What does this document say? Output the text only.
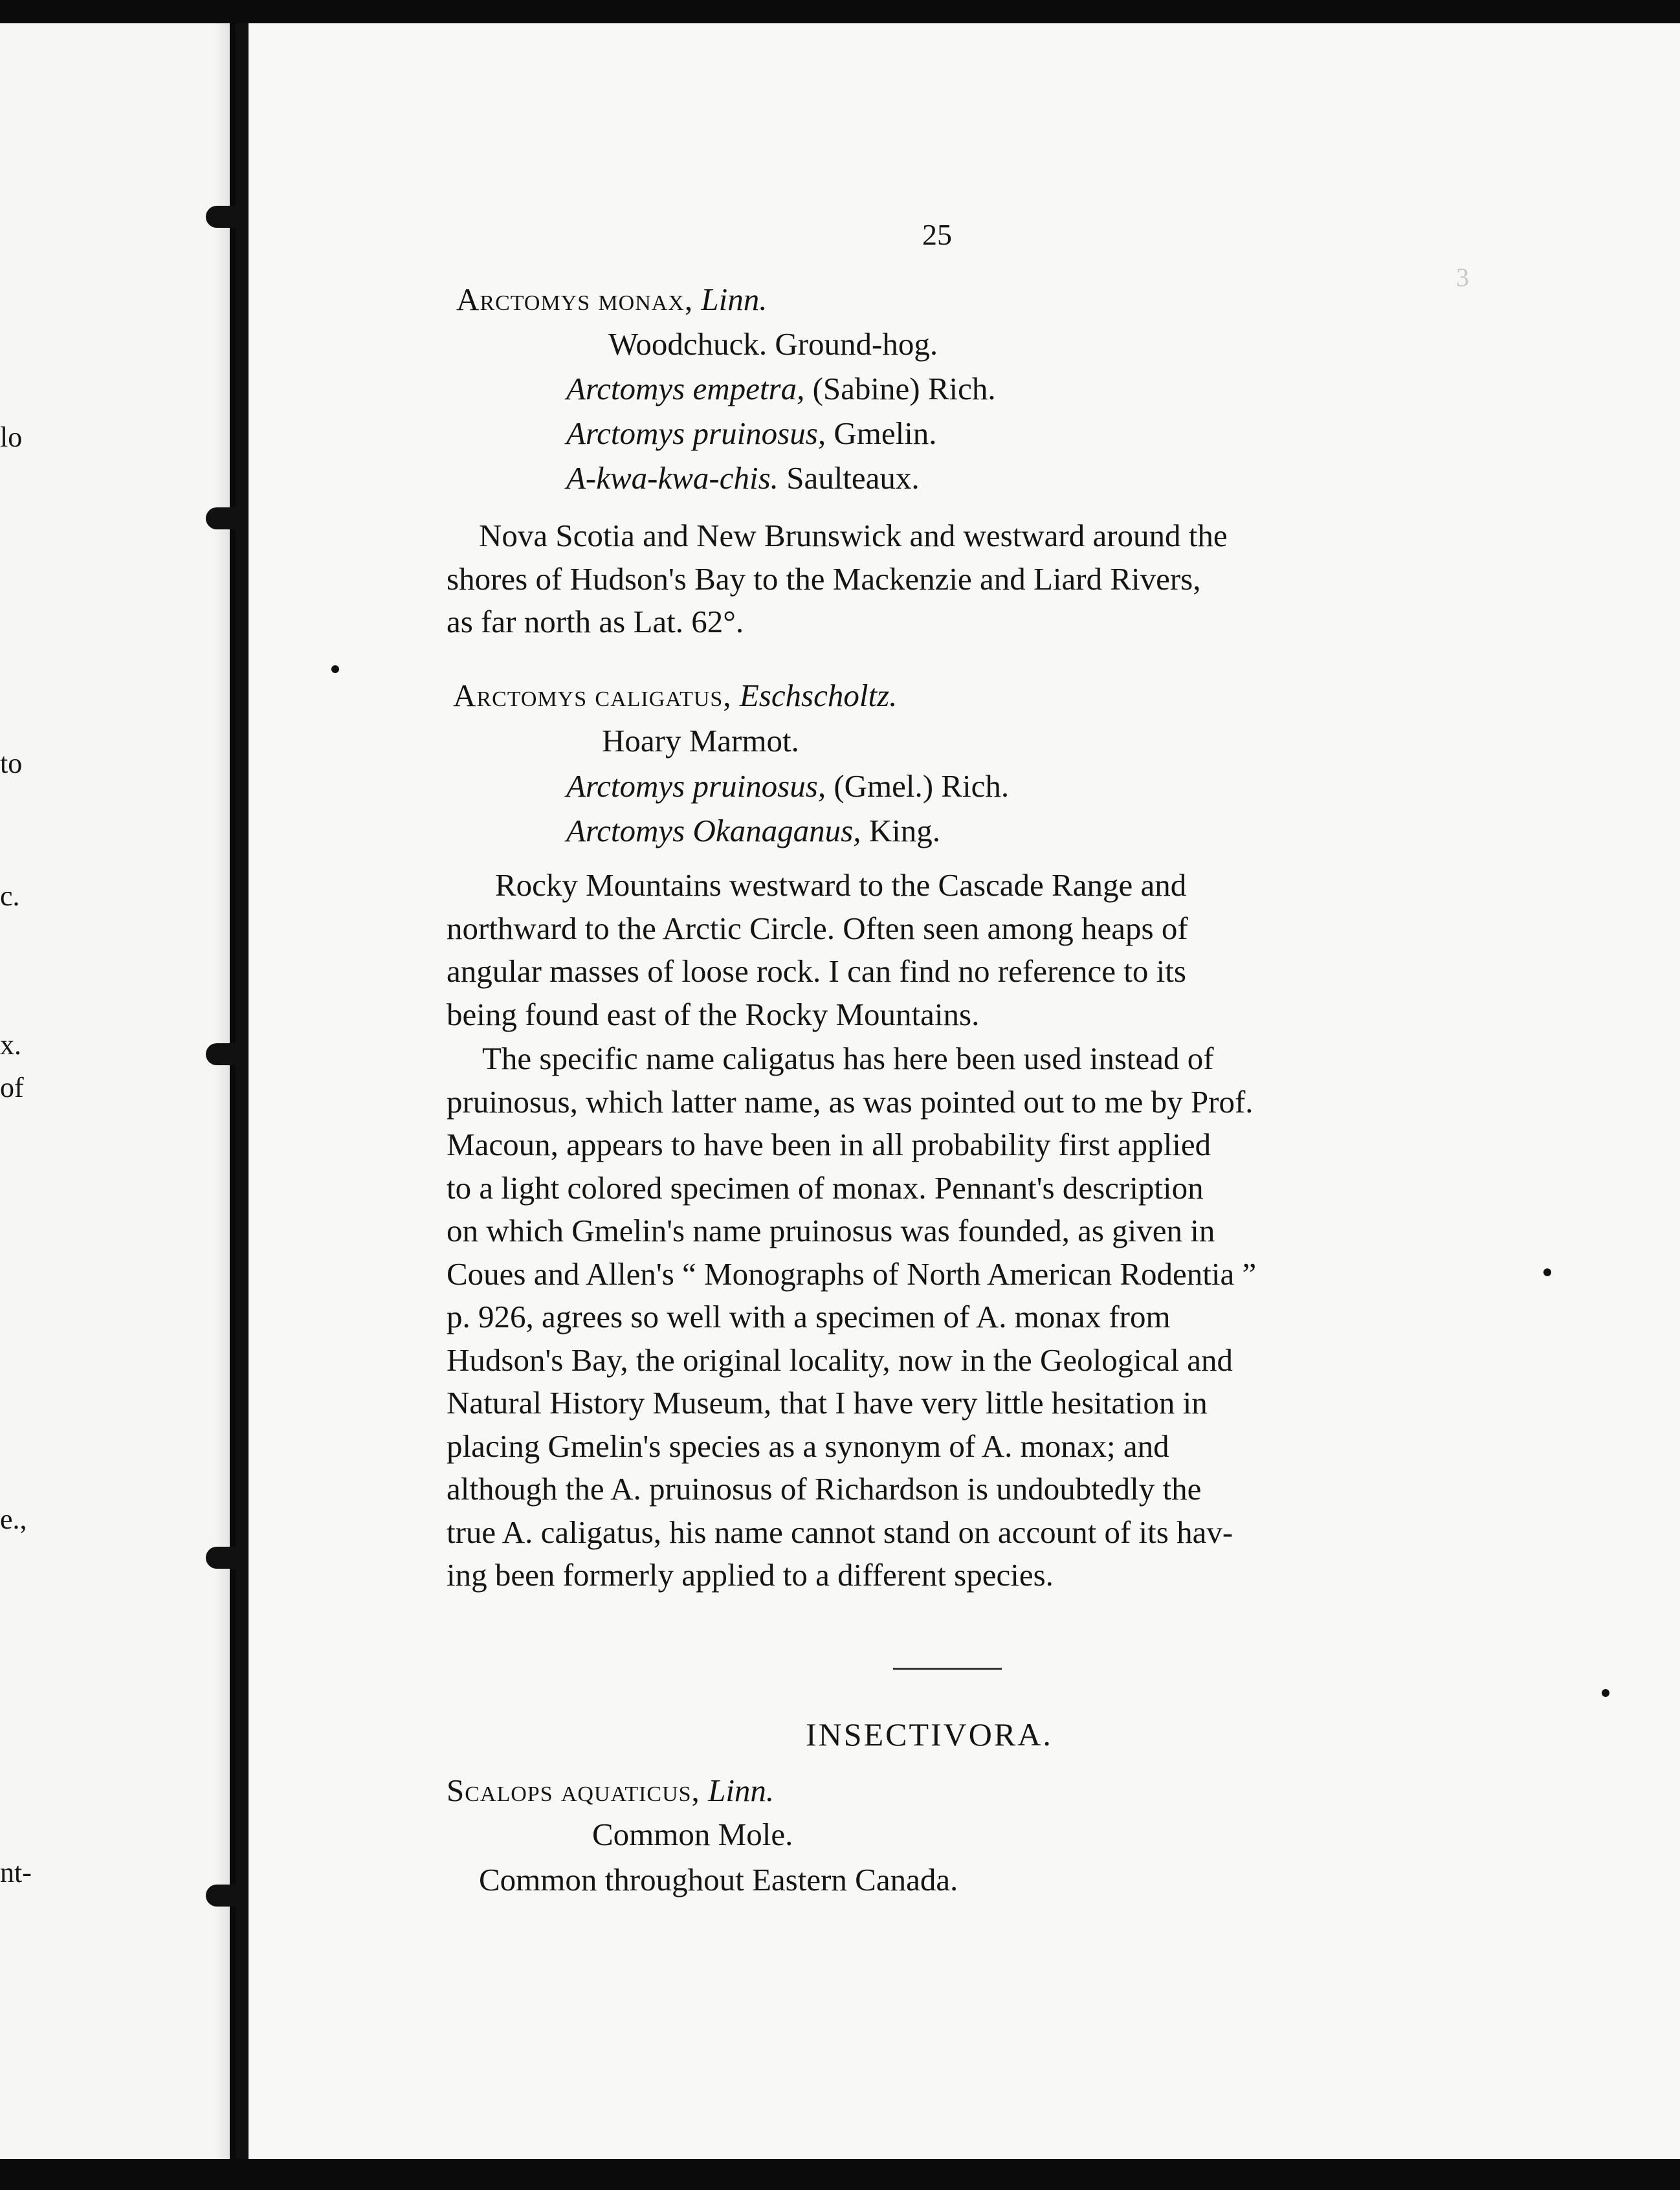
lo
to
c.
x.
of
e.,
nt-
3
25
Arctomys monax, Linn.
Woodchuck. Ground-hog.
Arctomys empetra, (Sabine) Rich.
Arctomys pruinosus, Gmelin.
A-kwa-kwa-chis. Saulteaux.
Nova Scotia and New Brunswick and westward around the
shores of Hudson's Bay to the Mackenzie and Liard Rivers,
as far north as Lat. 62°.
Arctomys caligatus, Eschscholtz.
Hoary Marmot.
Arctomys pruinosus, (Gmel.) Rich.
Arctomys Okanaganus, King.
Rocky Mountains westward to the Cascade Range and
northward to the Arctic Circle. Often seen among heaps of
angular masses of loose rock. I can find no reference to its
being found east of the Rocky Mountains.
The specific name caligatus has here been used instead of
pruinosus, which latter name, as was pointed out to me by Prof.
Macoun, appears to have been in all probability first applied
to a light colored specimen of monax. Pennant's description
on which Gmelin's name pruinosus was founded, as given in
Coues and Allen's “ Monographs of North American Rodentia ”
p. 926, agrees so well with a specimen of A. monax from
Hudson's Bay, the original locality, now in the Geological and
Natural History Museum, that I have very little hesitation in
placing Gmelin's species as a synonym of A. monax; and
although the A. pruinosus of Richardson is undoubtedly the
true A. caligatus, his name cannot stand on account of its hav-
ing been formerly applied to a different species.
INSECTIVORA.
Scalops aquaticus, Linn.
Common Mole.
Common throughout Eastern Canada.
